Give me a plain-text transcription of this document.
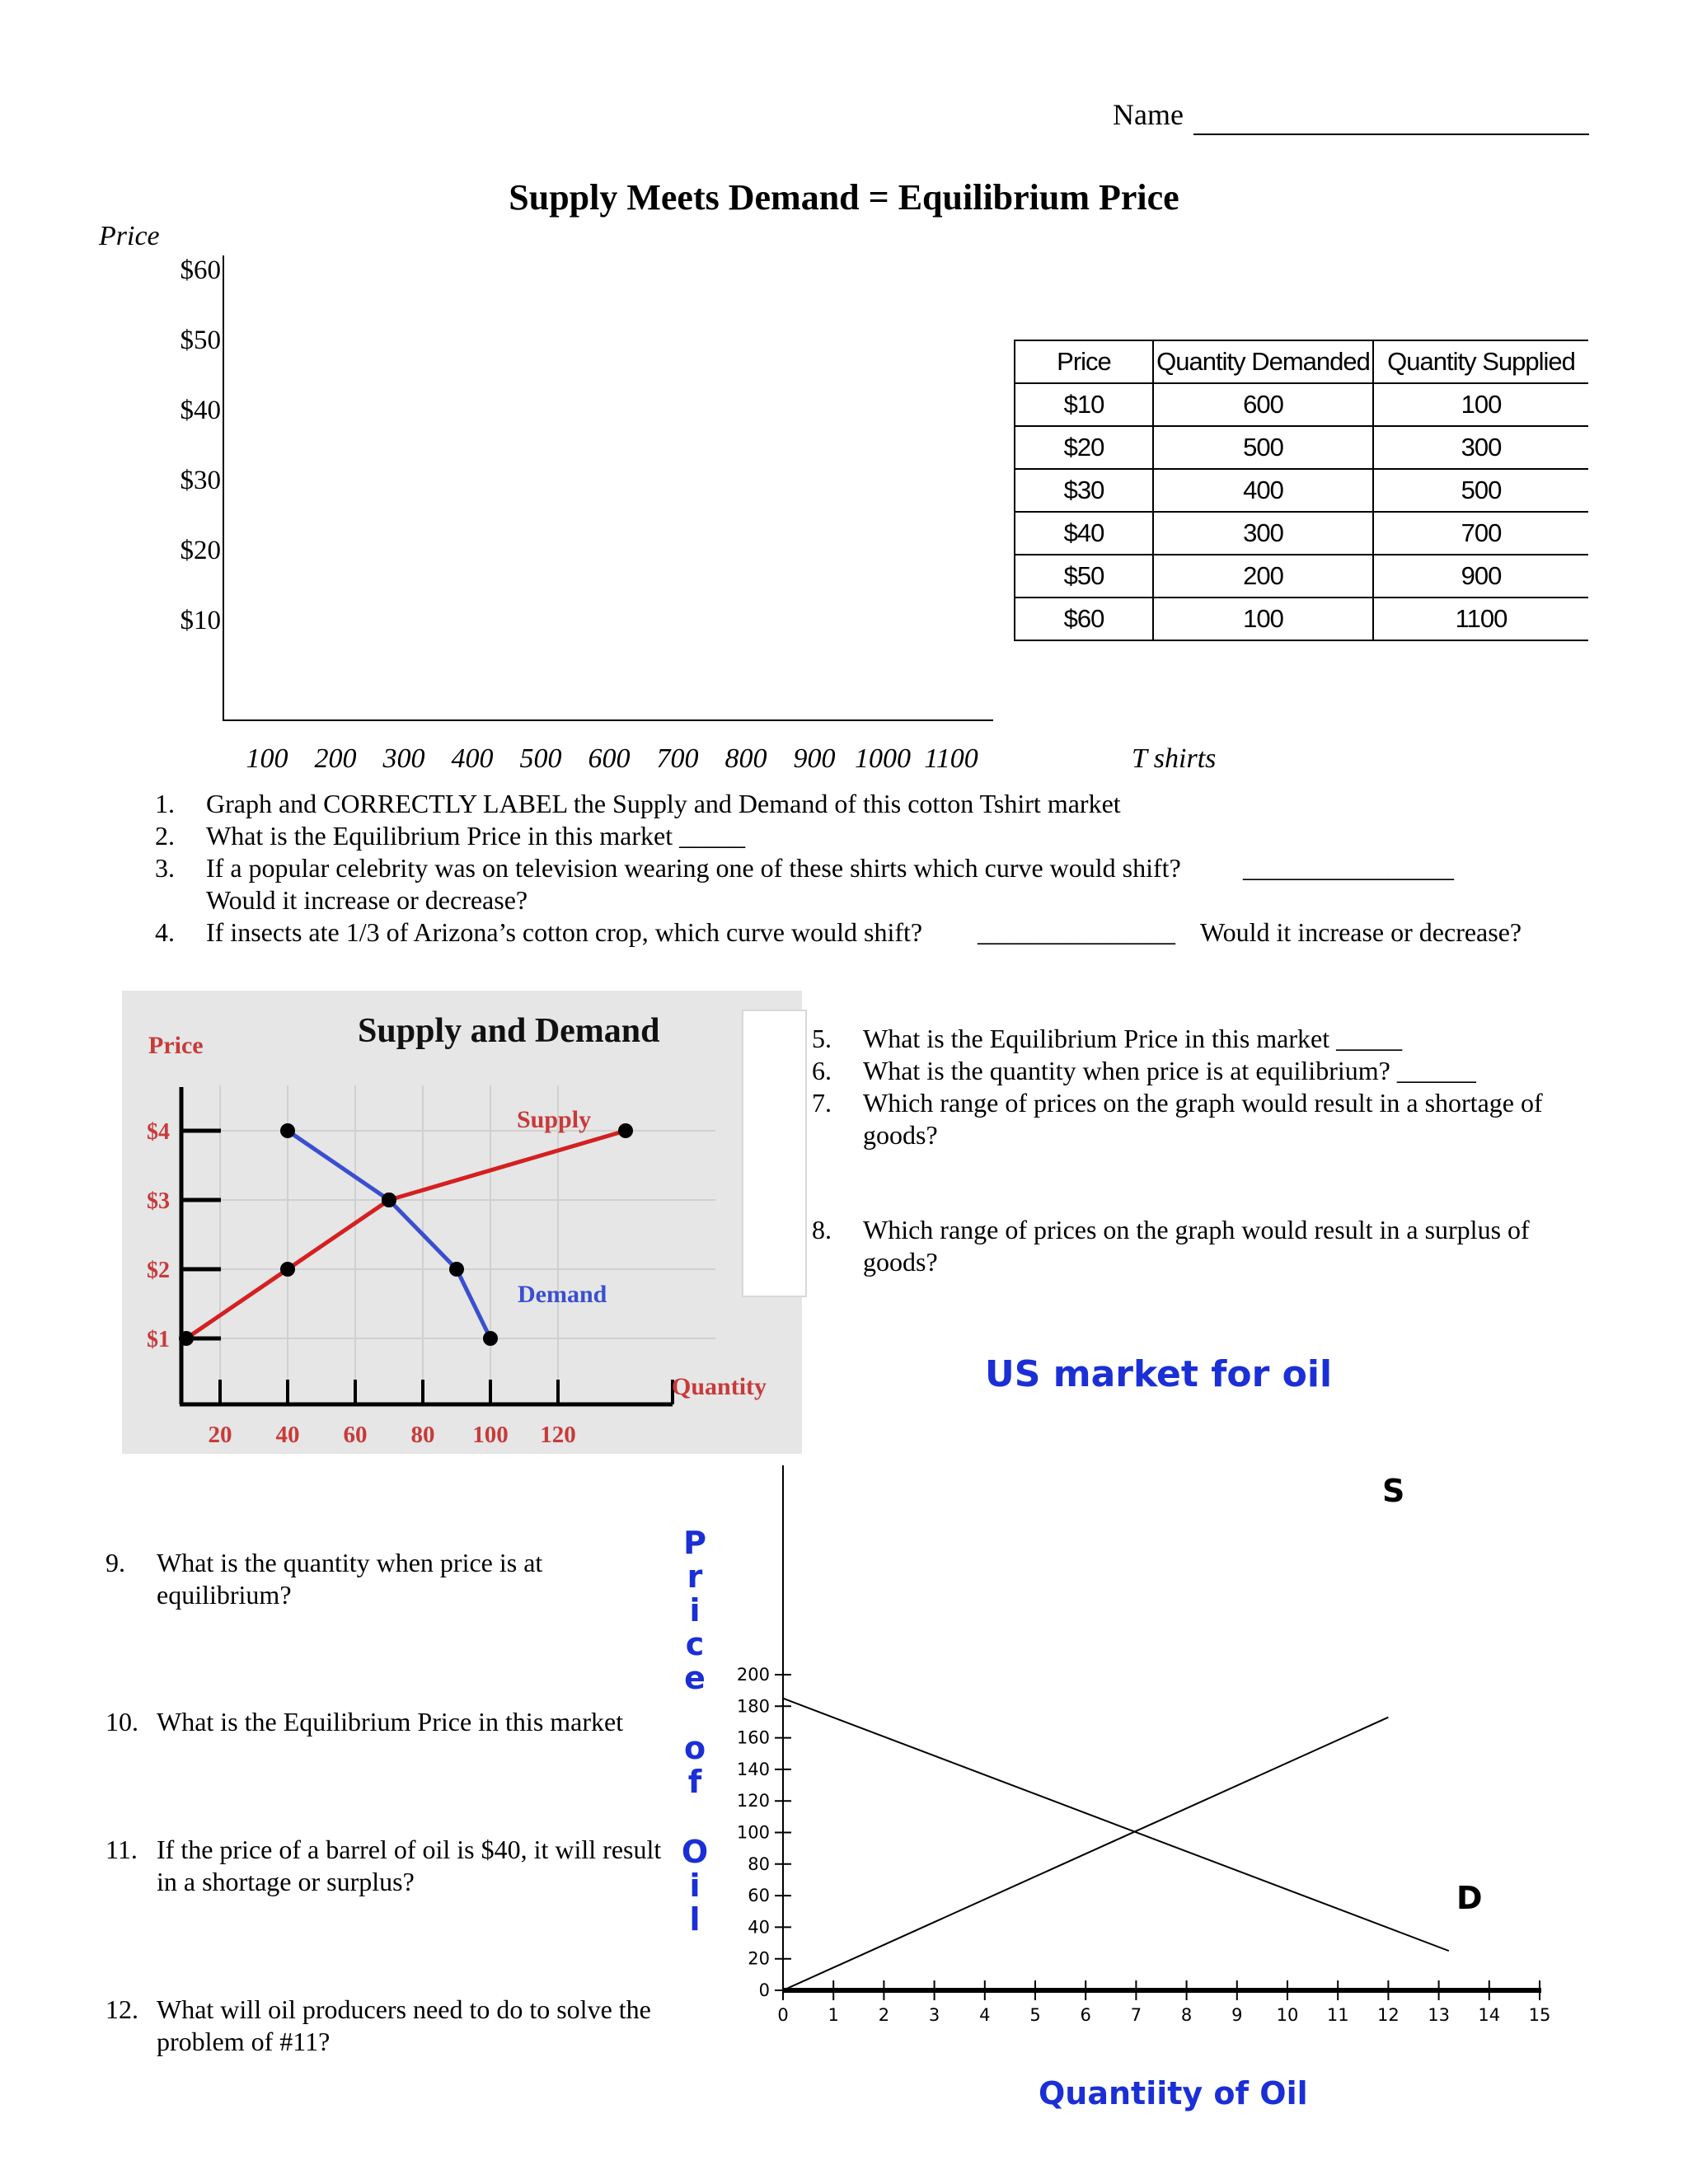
Name
Supply Meets Demand = Equilibrium Price
Price
$60
$50
$40
$30
$20
$10
100 200 300 400 500 600 700 800 900 1000 1100	T shirts
Price	Quantity Demanded	Quantity Supplied
$10	600	100
$20	500	300
$30	400	500
$40	300	700
$50	200	900
$60	100	1100
1. Graph and CORRECTLY LABEL the Supply and Demand of this cotton Tshirt market
2. What is the Equilibrium Price in this market _____
3. If a popular celebrity was on television wearing one of these shirts which curve would shift? ________________
Would it increase or decrease?
4. If insects ate 1/3 of Arizona’s cotton crop, which curve would shift? _______________ Would it increase or decrease?
Supply and Demand
Price
Quantity
$4
$3
$2
$1
20 40 60 80 100 120
Supply
Demand
5. What is the Equilibrium Price in this market _____
6. What is the quantity when price is at equilibrium? ______
7. Which range of prices on the graph would result in a shortage of
goods?
8. Which range of prices on the graph would result in a surplus of
goods?
9. What is the quantity when price is at
equilibrium?
10. What is the Equilibrium Price in this market
11. If the price of a barrel of oil is $40, it will result
in a shortage or surplus?
12. What will oil producers need to do to solve the
problem of #11?
0
20
40
60
80
100
120
140
160
180
200
0 1 2 3 4 5 6 7 8 9 10 11 12 13 14 15
S
D
US market for oil
Quantiity of Oil
P
r
i
c
e
o
f
O
i
l
